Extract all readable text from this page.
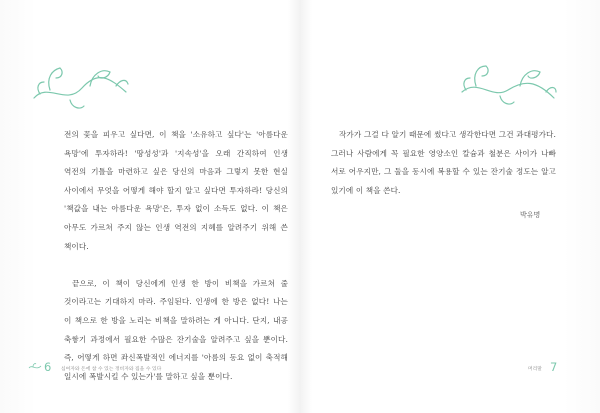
전의 꽃을 피우고 싶다면, 이 책을 '소유하고 싶다'는 '아름다운 욕망'에 투자하라! '땅성성'과 '지속성'을 오래 간직하여 인생 역전의 기틀을 마련하고 싶은 당신의 마음과 그렇지 못한 현실 사이에서 무엇을 어떻게 해야 할지 알고 싶다면 투자하라! 당신의 '책값을 내는 아름다운 욕망'은, 투자 없이 소득도 없다. 이 책은 아무도 가르쳐 주지 않는 인생 역전의 지혜를 알려주기 위해 쓴 책이다.

끝으로, 이 책이 당신에게 인생 한 방이 비책을 가르쳐 줄 것이라고는 기대하지 마라. 주임된다. 인생에 한 방은 없다! 나는 이 책으로 한 방을 노리는 비책을 말하려는 게 아니다. 단지, 내공 축쌓기 과정에서 필요한 수많은 잔기술을 알려주고 싶을 뿐이다. 즉, 어떻게 하면 좌신폭발적인 에너지를 '아름의 동요 없이 축적해 일시에 폭발시킬 수 있는가'를 말하고 싶을 뿐이다.

작가가 그걸 다 알기 때문에 썼다고 생각한다면 그건 과대평가다. 그러나 사람에게 꼭 필요한 영양소인 칼슘과 철분은 사이가 나빠 서로 어우지만, 그 둘을 동시에 복용할 수 있는 잔기술 정도는 알고 있기에 이 책을 쓴다.

박유명
6 십여자와 돈에 참 수 있는 정비자와 집을 수 있다	머리말 7
